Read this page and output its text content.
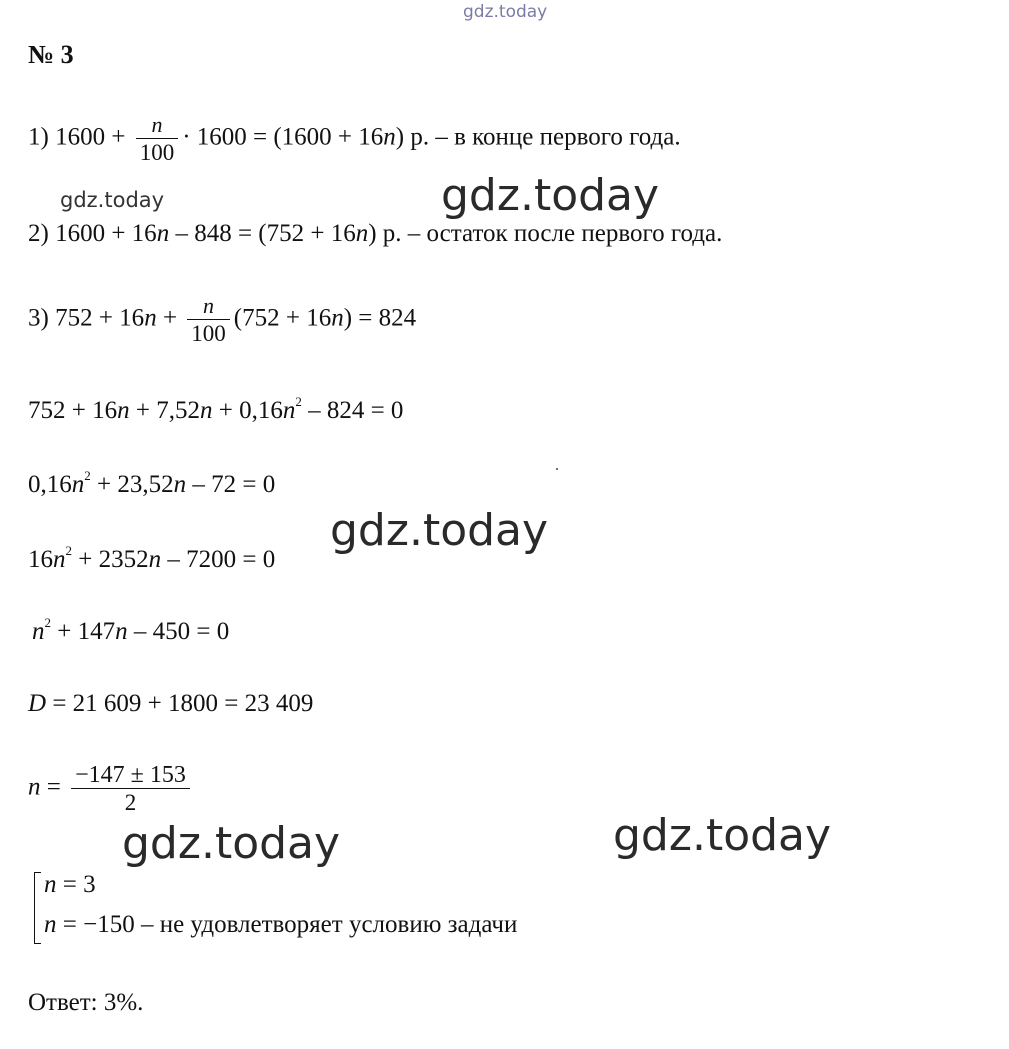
gdz.today
gdz.today	gdz.today
gdz.today
gdz.today	gdz.today
№ 3
1) $1600 + \frac{n}{100} \cdot 1600 = (1600 + 16n)$ р. – в конце первого года.
2) 1600 + 16n – 848 = (752 + 16n) р. – остаток после первого года.
3) $752 + 16n + \frac{n}{100} (752 + 16n) = 824$
$752 + 16n + 7,52n + 0,16n^2 - 824 = 0$
$0,16n^2 + 23,52n - 72 = 0$
$16n^2 + 2352n - 7200 = 0$
$n^2 + 147n - 450 = 0$
D = 21 609 + 1800 = 23 409
$n = \frac{-147 \pm 153}{2}$
n = 3
n = −150 – не удовлетворяет условию задачи
Ответ: 3%.
